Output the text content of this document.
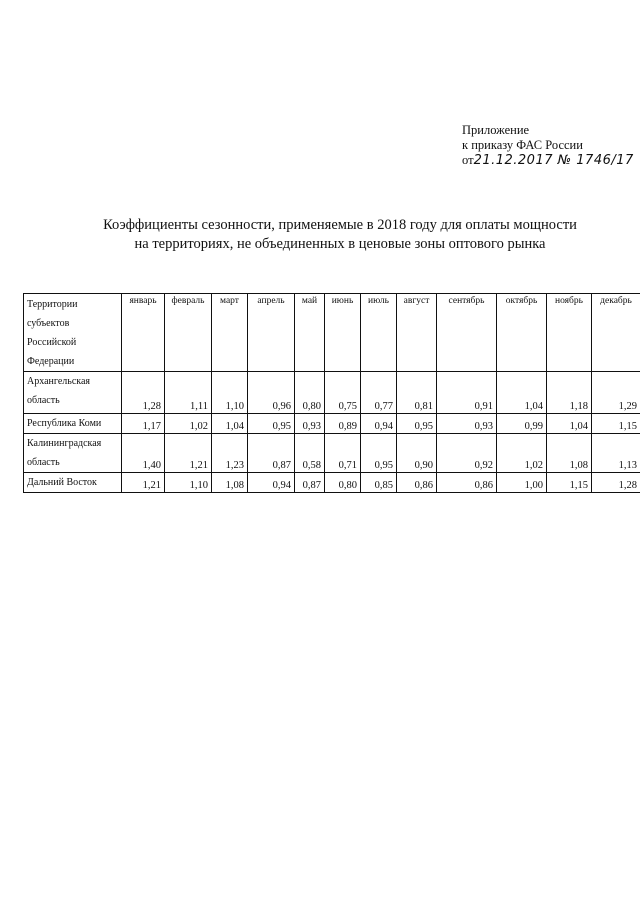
Приложение
к приказу ФАС России
от21.12.2017 № 1746/17
Коэффициенты сезонности, применяемые в 2018 году для оплаты мощности
на территориях, не объединенных в ценовые зоны оптового рынка
Территории
субъектов
Российской
Федерации	январь	февраль	март	апрель	май	июнь	июль	август	сентябрь	октябрь	ноябрь	декабрь
Архангельская
область	1,28	1,11	1,10	0,96	0,80	0,75	0,77	0,81	0,91	1,04	1,18	1,29
Республика Коми	1,17	1,02	1,04	0,95	0,93	0,89	0,94	0,95	0,93	0,99	1,04	1,15
Калининградская
область	1,40	1,21	1,23	0,87	0,58	0,71	0,95	0,90	0,92	1,02	1,08	1,13
Дальний Восток	1,21	1,10	1,08	0,94	0,87	0,80	0,85	0,86	0,86	1,00	1,15	1,28
